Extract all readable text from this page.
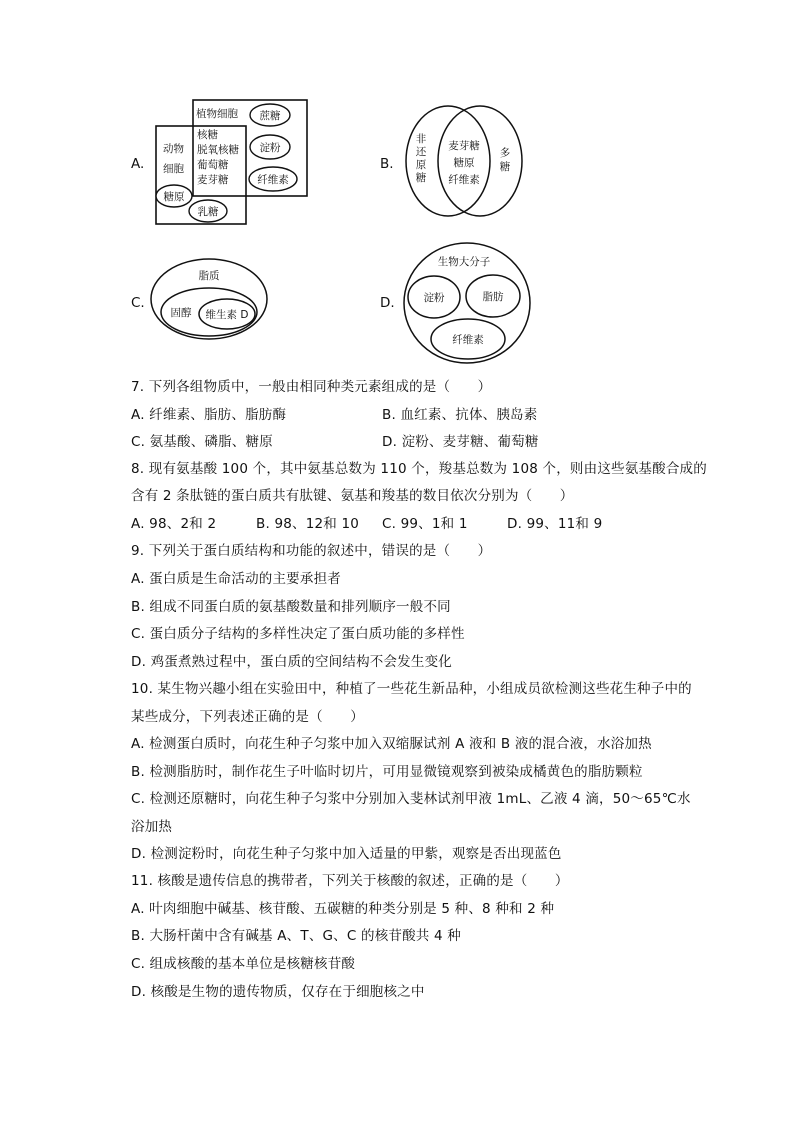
A.
植物细胞
动物
细胞
核糖
脱氧核糖
葡萄糖
麦芽糖
蔗糖
淀粉
纤维素
糖原
乳糖
B.
非
还
原
糖
麦芽糖
糖原
纤维素
多
糖
C.
脂质
固醇 维生素 D
D.
生物大分子
淀粉	脂肪
纤维素
7. 下列各组物质中，一般由相同种类元素组成的是（　　）
A. 纤维素、脂肪、脂肪酶	B. 血红素、抗体、胰岛素
C. 氨基酸、磷脂、糖原	D. 淀粉、麦芽糖、葡萄糖
8. 现有氨基酸 100 个，其中氨基总数为 110 个，羧基总数为 108 个，则由这些氨基酸合成的
含有 2 条肽链的蛋白质共有肽键、氨基和羧基的数目依次分别为（　　）
A. 98、2和 2	B. 98、12和 10 C. 99、1和 1	D. 99、11和 9
9. 下列关于蛋白质结构和功能的叙述中，错误的是（　　）
A. 蛋白质是生命活动的主要承担者
B. 组成不同蛋白质的氨基酸数量和排列顺序一般不同
C. 蛋白质分子结构的多样性决定了蛋白质功能的多样性
D. 鸡蛋煮熟过程中，蛋白质的空间结构不会发生变化
10. 某生物兴趣小组在实验田中，种植了一些花生新品种，小组成员欲检测这些花生种子中的
某些成分，下列表述正确的是（　　）
A. 检测蛋白质时，向花生种子匀浆中加入双缩脲试剂 A 液和 B 液的混合液，水浴加热
B. 检测脂肪时，制作花生子叶临时切片，可用显微镜观察到被染成橘黄色的脂肪颗粒
C. 检测还原糖时，向花生种子匀浆中分别加入斐林试剂甲液 1mL、乙液 4 滴，50～65℃水
浴加热
D. 检测淀粉时，向花生种子匀浆中加入适量的甲紫，观察是否出现蓝色
11. 核酸是遗传信息的携带者，下列关于核酸的叙述，正确的是（　　）
A. 叶肉细胞中碱基、核苷酸、五碳糖的种类分别是 5 种、8 种和 2 种
B. 大肠杆菌中含有碱基 A、T、G、C 的核苷酸共 4 种
C. 组成核酸的基本单位是核糖核苷酸
D. 核酸是生物的遗传物质，仅存在于细胞核之中
